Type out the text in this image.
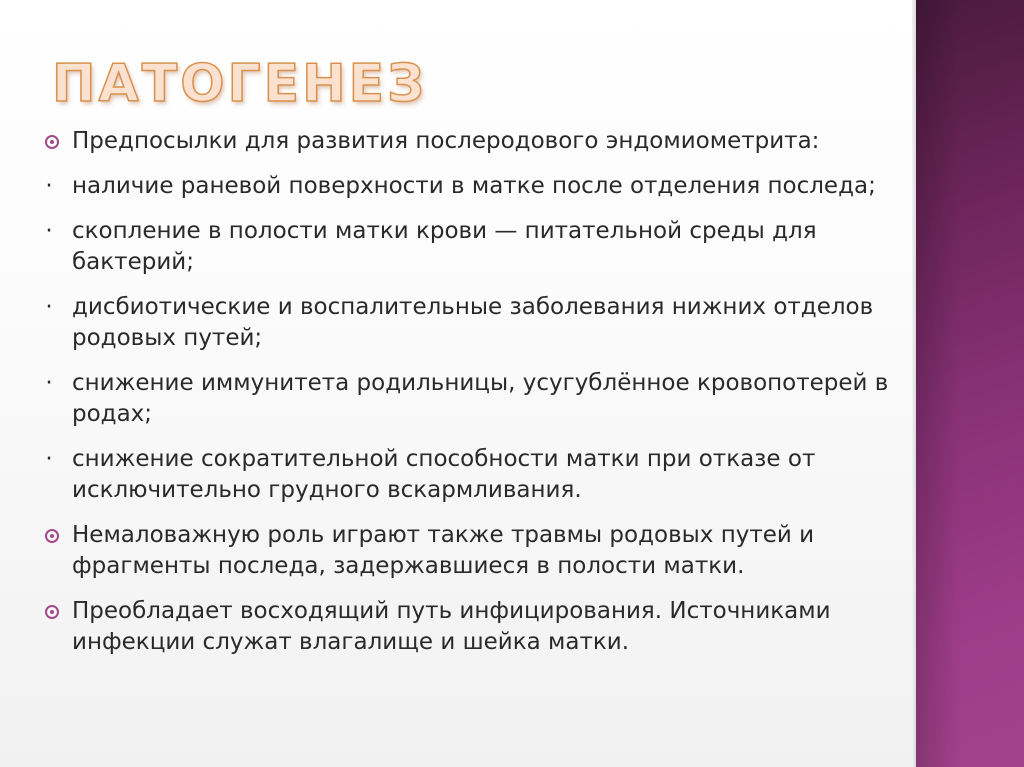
ПАТОГЕНЕЗ
Предпосылки для развития послеродового эндомиометрита:
· наличие раневой поверхности в матке после отделения последа;
· скопление в полости матки крови — питательной среды для бактерий;
· дисбиотические и воспалительные заболевания нижних отделов родовых путей;
· снижение иммунитета родильницы, усугублённое кровопотерей в родах;
· снижение сократительной способности матки при отказе от исключительно грудного вскармливания.
Немаловажную роль играют также травмы родовых путей и фрагменты последа, задержавшиеся в полости матки.
Преобладает восходящий путь инфицирования. Источниками инфекции служат влагалище и шейка матки.
